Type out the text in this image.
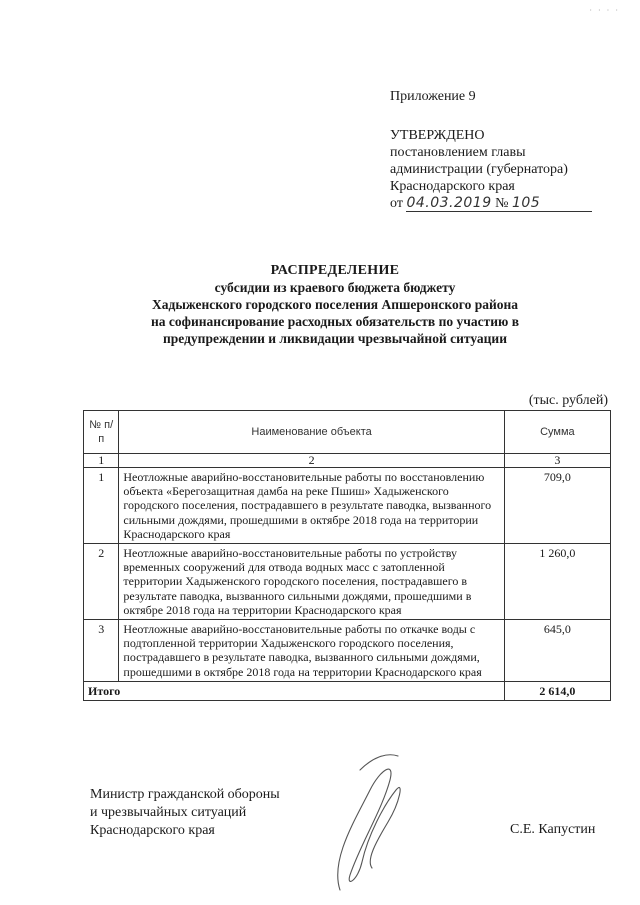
· · · ·
Приложение 9
УТВЕРЖДЕНО
постановлением главы
администрации (губернатора)
Краснодарского края
от 04.03.2019 № 105
РАСПРЕДЕЛЕНИЕ
субсидии из краевого бюджета бюджету
Хадыженского городского поселения Апшеронского района
на софинансирование расходных обязательств по участию в
предупреждении и ликвидации чрезвычайной ситуации
(тыс. рублей)
№ п/п	Наименование объекта	Сумма
1	2	3
1	Неотложные аварийно-восстановительные работы по восстановлению объекта «Берегозащитная дамба на реке Пшиш» Хадыженского городского поселения, пострадавшего в результате паводка, вызванного сильными дождями, прошедшими в октябре 2018 года на территории Краснодарского края	709,0
2	Неотложные аварийно-восстановительные работы по устройству временных сооружений для отвода водных масс с затопленной территории Хадыженского городского поселения, пострадавшего в результате паводка, вызванного сильными дождями, прошедшими в октябре 2018 года на территории Краснодарского края	1 260,0
3	Неотложные аварийно-восстановительные работы по откачке воды с подтопленной территории Хадыженского городского поселения, пострадавшего в результате паводка, вызванного сильными дождями, прошедшими в октябре 2018 года на территории Краснодарского края	645,0
Итого		2 614,0
Министр гражданской обороны
и чрезвычайных ситуаций
Краснодарского края	С.Е. Капустин
